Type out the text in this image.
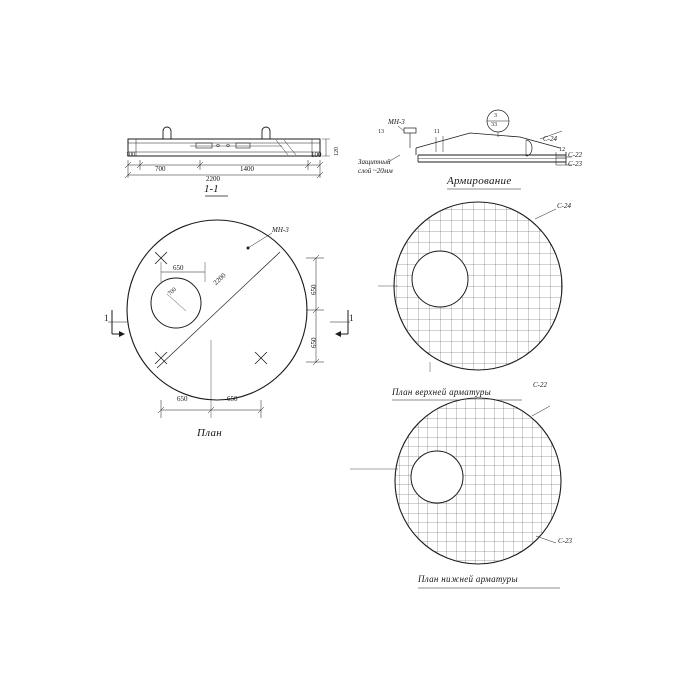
100
700	1400
100
2200
120
1-1
МН-3
650
700
2200
650
650
650	650
1	1
План
МН-3
13	11
12
3
33
С-24
С-22
С-23
Защитный
слой ~20мм
Армирование
С-24
План верхней арматуры
С-22
С-23
План нижней арматуры
